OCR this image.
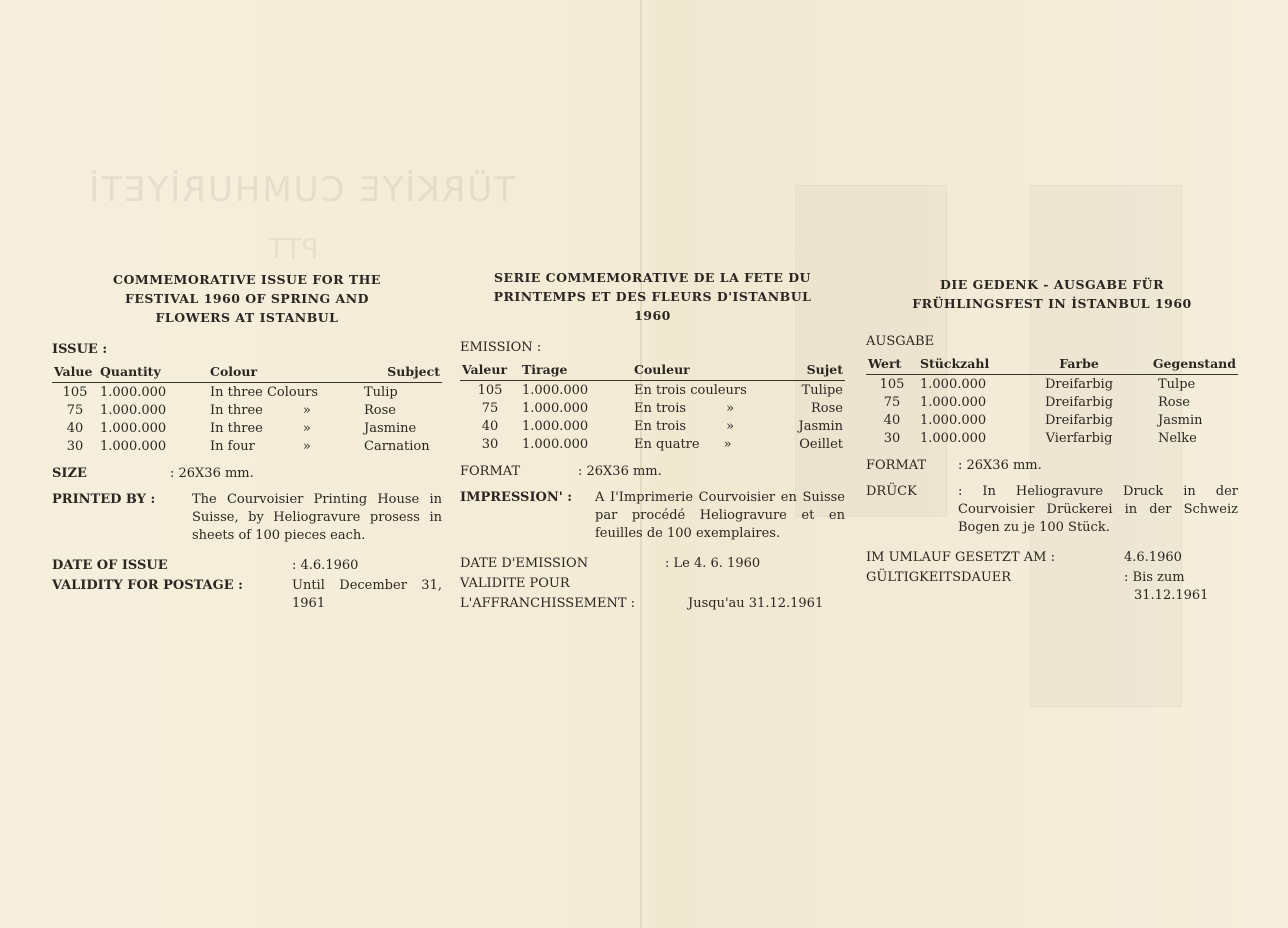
TÜRKİYE CUMHURİYETİ
PTT
COMMEMORATIVE ISSUE FOR THE
FESTIVAL 1960 OF SPRING AND
FLOWERS AT ISTANBUL
ISSUE :
Value	Quantity	Colour	Subject
105	1.000.000	In three Colours	Tulip
75	1.000.000	In three »	Rose
40	1.000.000	In three »	Jasmine
30	1.000.000	In four »	Carnation
SIZE	: 26X36 mm.
PRINTED BY :	The Courvoisier Printing House in Suisse, by Heliogravure prosess in sheets of 100 pieces each.
DATE OF ISSUE	: 4.6.1960
VALIDITY FOR POSTAGE :	Until December 31, 1961
SERIE COMMEMORATIVE DE LA FETE DU
PRINTEMPS ET DES FLEURS D'ISTANBUL
1960
EMISSION :
Valeur	Tirage	Couleur	Sujet
105	1.000.000	En trois couleurs	Tulipe
75	1.000.000	En trois »	Rose
40	1.000.000	En trois »	Jasmin
30	1.000.000	En quatre »	Oeillet
FORMAT	: 26X36 mm.
IMPRESSION' :	A I'Imprimerie Courvoisier en Suisse par procédé Heliogravure et en feuilles de 100 exemplaires.
DATE D'EMISSION	: Le 4. 6. 1960
VALIDITE POUR
L'AFFRANCHISSEMENT :	Jusqu'au 31.12.1961
DIE GEDENK - AUSGABE FÜR
FRÜHLINGSFEST IN İSTANBUL 1960
AUSGABE
Wert	Stückzahl	Farbe	Gegenstand
105	1.000.000	Dreifarbig	Tulpe
75	1.000.000	Dreifarbig	Rose
40	1.000.000	Dreifarbig	Jasmin
30	1.000.000	Vierfarbig	Nelke
FORMAT	: 26X36 mm.
DRÜCK	: In Heliogravure Druck in der Courvoisier Drückerei in der Schweiz Bogen zu je 100 Stück.
IM UMLAUF GESETZT AM :	4.6.1960
GÜLTIGKEITSDAUER	: Bis zum
31.12.1961
